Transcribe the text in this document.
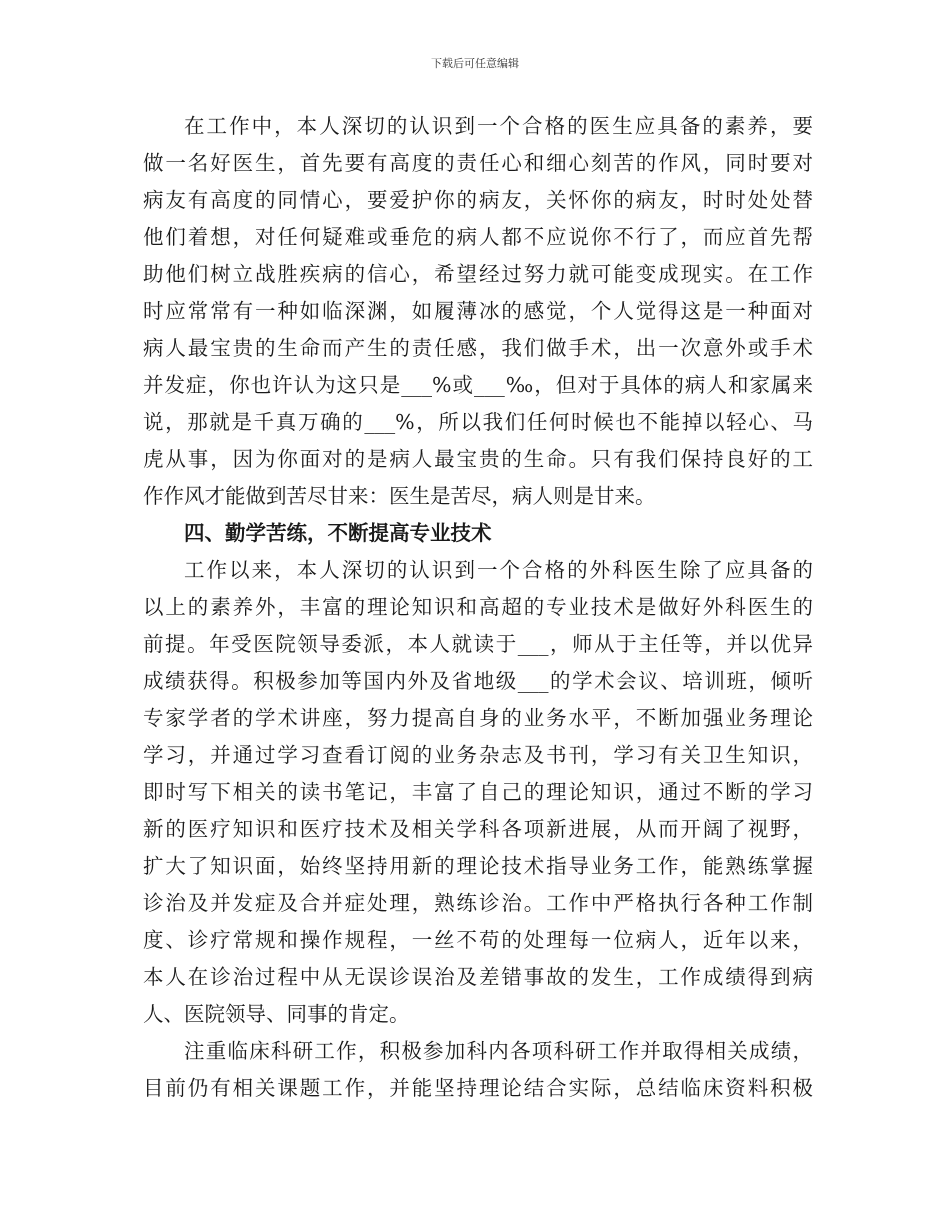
下载后可任意编辑
在工作中，本人深切的认识到一个合格的医生应具备的素养，要
做一名好医生，首先要有高度的责任心和细心刻苦的作风，同时要对
病友有高度的同情心，要爱护你的病友，关怀你的病友，时时处处替
他们着想，对任何疑难或垂危的病人都不应说你不行了，而应首先帮
助他们树立战胜疾病的信心，希望经过努力就可能变成现实。在工作
时应常常有一种如临深渊，如履薄冰的感觉，个人觉得这是一种面对
病人最宝贵的生命而产生的责任感，我们做手术，出一次意外或手术
并发症，你也许认为这只是___%或___‰，但对于具体的病人和家属来
说，那就是千真万确的___%，所以我们任何时候也不能掉以轻心、马
虎从事，因为你面对的是病人最宝贵的生命。只有我们保持良好的工
作作风才能做到苦尽甘来：医生是苦尽，病人则是甘来。
四、勤学苦练，不断提高专业技术
工作以来，本人深切的认识到一个合格的外科医生除了应具备的
以上的素养外，丰富的理论知识和高超的专业技术是做好外科医生的
前提。年受医院领导委派，本人就读于___，师从于主任等，并以优异
成绩获得。积极参加等国内外及省地级___的学术会议、培训班，倾听
专家学者的学术讲座，努力提高自身的业务水平，不断加强业务理论
学习，并通过学习查看订阅的业务杂志及书刊，学习有关卫生知识，
即时写下相关的读书笔记，丰富了自己的理论知识，通过不断的学习
新的医疗知识和医疗技术及相关学科各项新进展，从而开阔了视野，
扩大了知识面，始终坚持用新的理论技术指导业务工作，能熟练掌握
诊治及并发症及合并症处理，熟练诊治。工作中严格执行各种工作制
度、诊疗常规和操作规程，一丝不苟的处理每一位病人，近年以来，
本人在诊治过程中从无误诊误治及差错事故的发生，工作成绩得到病
人、医院领导、同事的肯定。
注重临床科研工作，积极参加科内各项科研工作并取得相关成绩，
目前仍有相关课题工作，并能坚持理论结合实际，总结临床资料积极
